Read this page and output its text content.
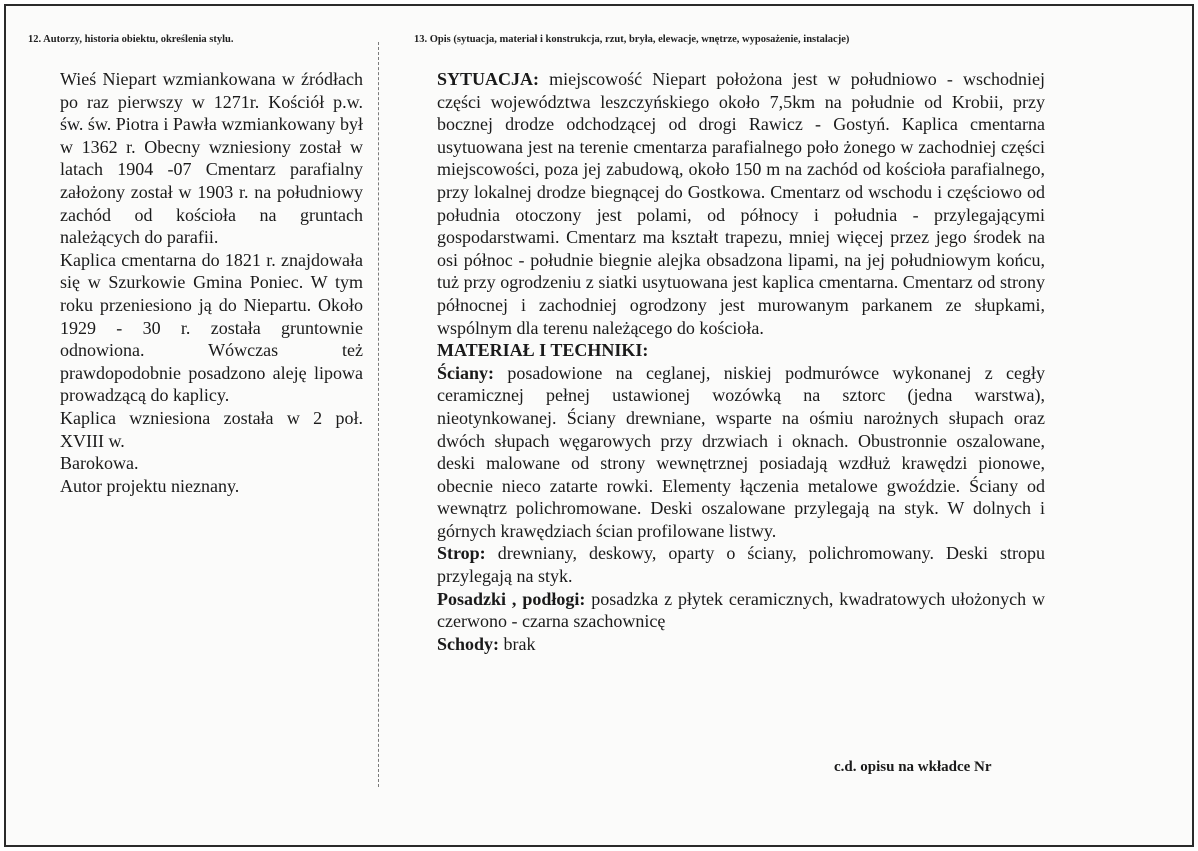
12. Autorzy, historia obiektu, określenia stylu.	13. Opis (sytuacja, materiał i konstrukcja, rzut, bryła, elewacje, wnętrze, wyposażenie, instalacje)

Wieś Niepart wzmiankowana w źródłach po raz pierwszy w 1271r. Kościół p.w. św. św. Piotra i Pawła wzmiankowany był w 1362 r. Obecny wzniesiony został w latach 1904 -07 Cmentarz parafialny założony został w 1903 r. na południowy zachód od kościoła na gruntach należących do parafii.

Kaplica cmentarna do 1821 r. znajdowała się w Szurkowie Gmina Poniec. W tym roku przeniesiono ją do Niepartu. Około 1929 - 30 r. została gruntownie odnowiona. Wówczas też prawdopodobnie posadzono aleję lipowa prowadzącą do kaplicy.

Kaplica wzniesiona została w 2 poł. XVIII w.

Barokowa.

Autor projektu nieznany.

SYTUACJA: miejscowość Niepart położona jest w południowo - wschodniej części województwa leszczyńskiego około 7,5km na południe od Krobii, przy bocznej drodze odchodzącej od drogi Rawicz - Gostyń. Kaplica cmentarna usytuowana jest na terenie cmentarza parafialnego poło żonego w zachodniej części miejscowości, poza jej zabudową, około 150 m na zachód od kościoła parafialnego, przy lokalnej drodze biegnącej do Gostkowa. Cmentarz od wschodu i częściowo od południa otoczony jest polami, od północy i południa - przylegającymi gospodarstwami. Cmentarz ma kształt trapezu, mniej więcej przez jego środek na osi północ - południe biegnie alejka obsadzona lipami, na jej południowym końcu, tuż przy ogrodzeniu z siatki usytuowana jest kaplica cmentarna. Cmentarz od strony północnej i zachodniej ogrodzony jest murowanym parkanem ze słupkami, wspólnym dla terenu należącego do kościoła.

MATERIAŁ I TECHNIKI:

Ściany: posadowione na ceglanej, niskiej podmurówce wykonanej z cegły ceramicznej pełnej ustawionej wozówką na sztorc (jedna warstwa), nieotynkowanej. Ściany drewniane, wsparte na ośmiu narożnych słupach oraz dwóch słupach węgarowych przy drzwiach i oknach. Obustronnie oszalowane, deski malowane od strony wewnętrznej posiadają wzdłuż krawędzi pionowe, obecnie nieco zatarte rowki. Elementy łączenia metalowe gwoździe. Ściany od wewnątrz polichromowane. Deski oszalowane przylegają na styk. W dolnych i górnych krawędziach ścian profilowane listwy.

Strop: drewniany, deskowy, oparty o ściany, polichromowany. Deski stropu przylegają na styk.

Posadzki , podłogi: posadzka z płytek ceramicznych, kwadratowych ułożonych w czerwono - czarna szachownicę

Schody: brak

c.d. opisu na wkładce Nr
